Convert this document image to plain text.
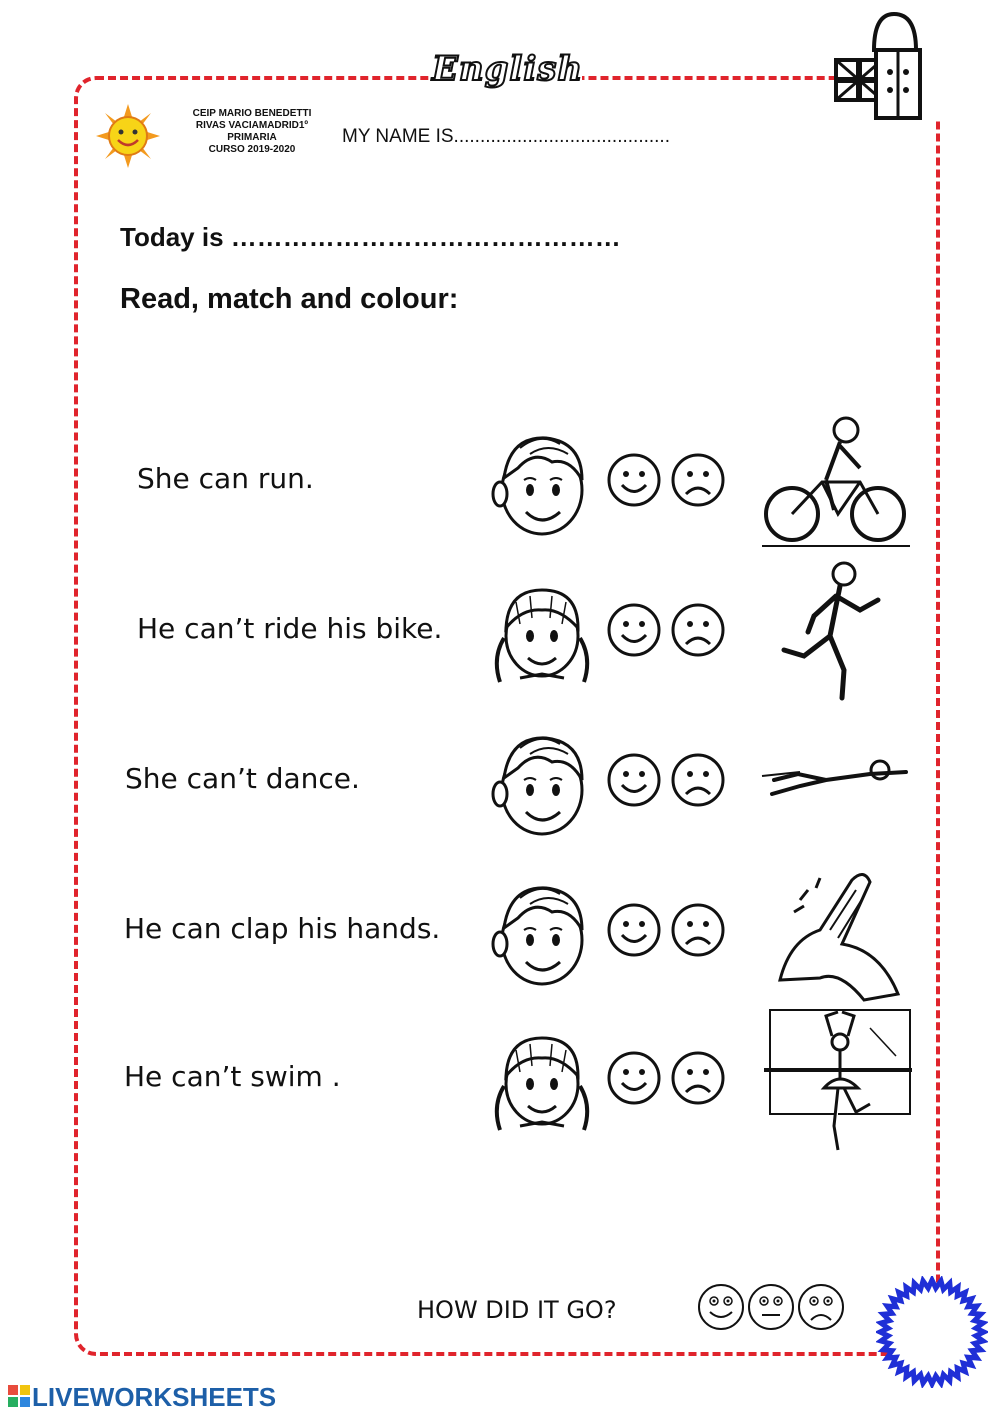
English
CEIP MARIO BENEDETTI
RIVAS VACIAMADRID1º
PRIMARIA
CURSO 2019-2020
MY NAME IS.........................................
Today is ………………………………………
Read, match and colour:
She can run.
He can’t ride his bike.
She can’t dance.
He can clap his hands.
He can’t swim .
HOW DID IT GO?
LIVEWORKSHEETS
